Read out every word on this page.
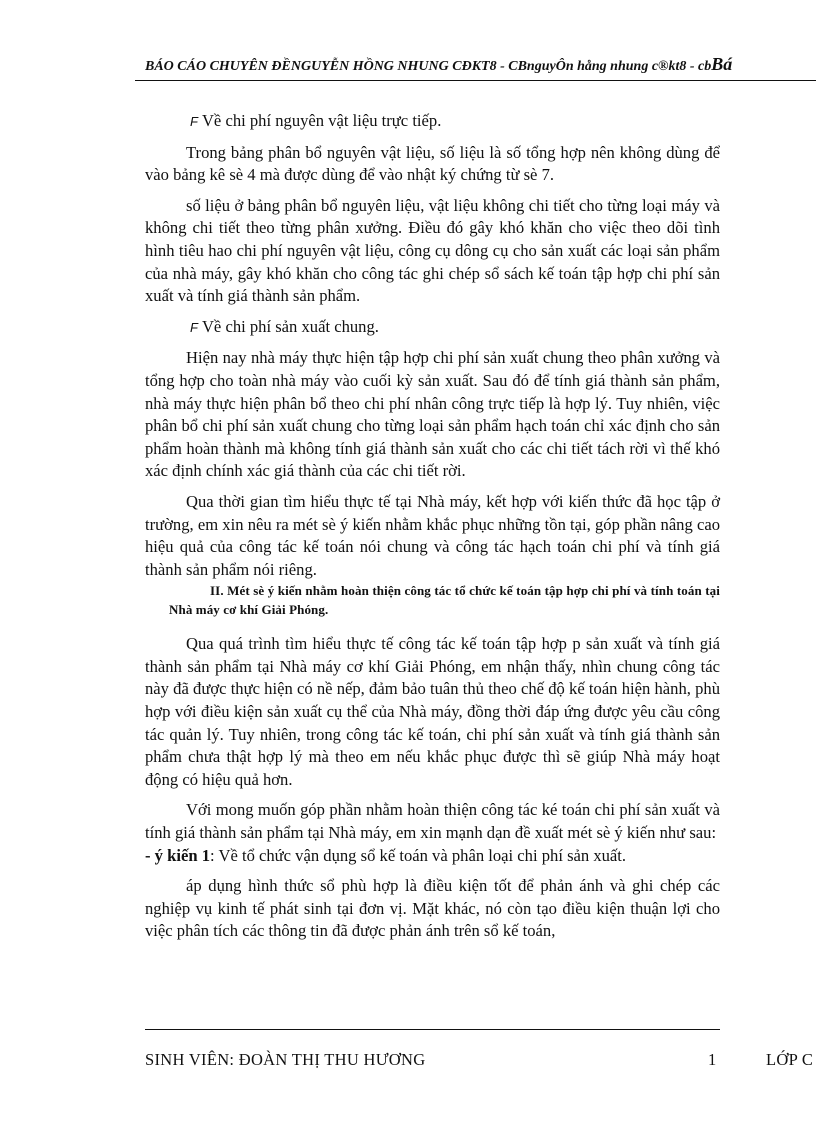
BÁO CÁO CHUYÊN ĐỀNGUYỄN HỒNG NHUNG CĐKT8 - CBnguyÔn hång nhung c®kt8 - cbBá

F Về chi phí nguyên vật liệu trực tiếp.

Trong bảng phân bổ nguyên vật liệu, số liệu là số tổng hợp nên không dùng để vào bảng kê sè 4 mà được dùng để vào nhật ký chứng từ sè 7.

số liệu ở bảng phân bổ nguyên liệu, vật liệu không chi tiết cho từng loại máy và không chi tiết theo từng phân xưởng. Điều đó gây khó khăn cho việc theo dõi tình hình tiêu hao chi phí nguyên vật liệu, công cụ dông cụ cho sản xuất các loại sản phẩm của nhà máy, gây khó khăn cho công tác ghi chép sổ sách kế toán tập hợp chi phí sản xuất và tính giá thành sản phẩm.

F Về chi phí sản xuất chung.

Hiện nay nhà máy thực hiện tập hợp chi phí sản xuất chung theo phân xưởng và tổng hợp cho toàn nhà máy vào cuối kỳ sản xuất. Sau đó để tính giá thành sản phẩm, nhà máy thực hiện phân bổ theo chi phí nhân công trực tiếp là hợp lý. Tuy nhiên, việc phân bổ chi phí sản xuất chung cho từng loại sản phẩm hạch toán chỉ xác định cho sản phẩm hoàn thành mà không tính giá thành sản xuất cho các chi tiết tách rời vì thế khó xác định chính xác giá thành của các chi tiết rời.

Qua thời gian tìm hiểu thực tế tại Nhà máy, kết hợp với kiến thức đã học tập ở trường, em xin nêu ra mét sè ý kiến nhằm khắc phục những tồn tại, góp phần nâng cao hiệu quả của công tác kế toán nói chung và công tác hạch toán chi phí và tính giá thành sản phẩm nói riêng.

II. Mét sè ý kiến nhằm hoàn thiện công tác tổ chức kế toán tập hợp chi phí và tính toán tại Nhà máy cơ khí Giải Phóng.

Qua quá trình tìm hiểu thực tế công tác kế toán tập hợp p sản xuất và tính giá thành sản phẩm tại Nhà máy cơ khí Giải Phóng, em nhận thấy, nhìn chung công tác này đã được thực hiện có nề nếp, đảm bảo tuân thủ theo chế độ kế toán hiện hành, phù hợp với điều kiện sản xuất cụ thể của Nhà máy, đồng thời đáp ứng được yêu cầu công tác quản lý. Tuy nhiên, trong công tác kế toán, chi phí sản xuất và tính giá thành sản phẩm chưa thật hợp lý mà theo em nếu khắc phục được thì sẽ giúp Nhà máy hoạt động có hiệu quả hơn.

Với mong muốn góp phần nhằm hoàn thiện công tác ké toán chi phí sản xuất và tính giá thành sản phẩm tại Nhà máy, em xin mạnh dạn đề xuất mét sè ý kiến như sau:

- ý kiến 1: Về tổ chức vận dụng sổ kế toán và phân loại chi phí sản xuất.

áp dụng hình thức sổ phù hợp là điều kiện tốt để phản ánh và ghi chép các nghiệp vụ kinh tế phát sinh tại đơn vị. Mặt khác, nó còn tạo điều kiện thuận lợi cho việc phân tích các thông tin đã được phản ánh trên sổ kế toán,

SINH VIÊN: ĐOÀN THỊ THU HƯƠNG	1	LỚP C
